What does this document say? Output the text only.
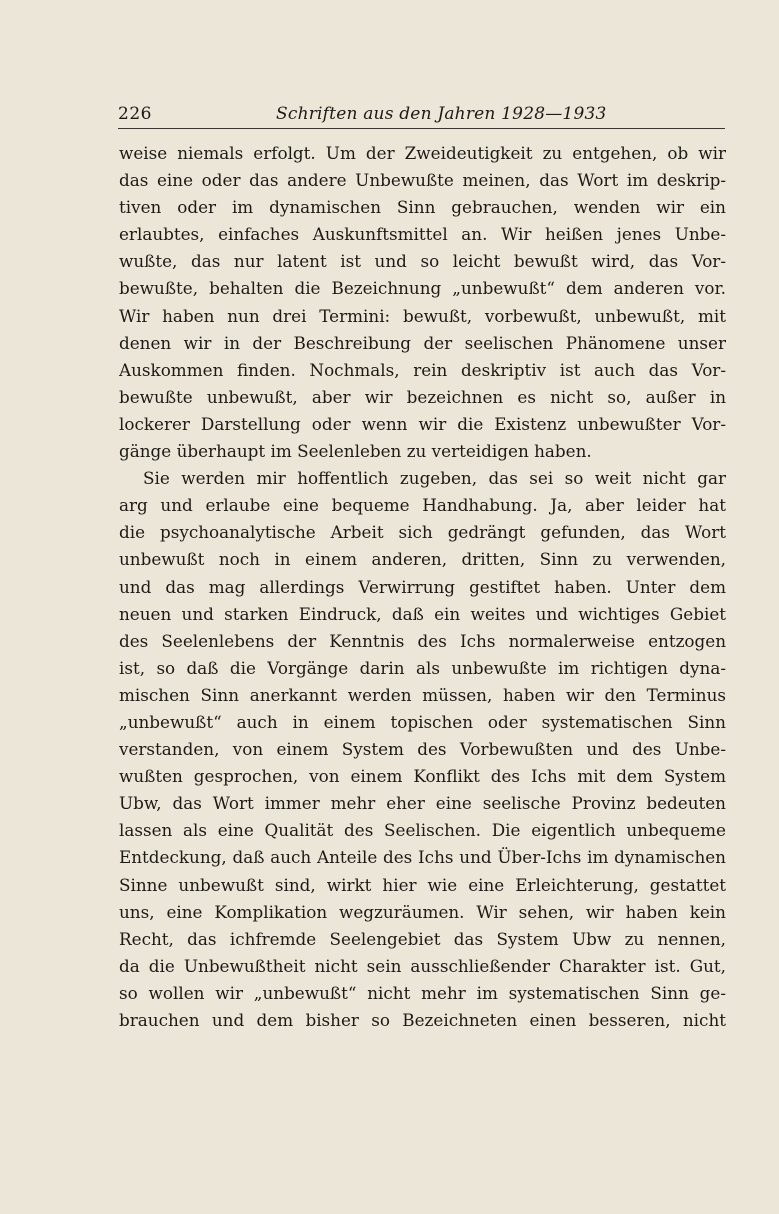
226	Schriften aus den Jahren 1928—1933
weise niemals erfolgt. Um der Zweideutigkeit zu entgehen, ob wir
das eine oder das andere Unbewußte meinen, das Wort im deskrip-
tiven oder im dynamischen Sinn gebrauchen, wenden wir ein
erlaubtes, einfaches Auskunftsmittel an. Wir heißen jenes Unbe-
wußte, das nur latent ist und so leicht bewußt wird, das Vor-
bewußte, behalten die Bezeichnung „unbewußt“ dem anderen vor.
Wir haben nun drei Termini: bewußt, vorbewußt, unbewußt, mit
denen wir in der Beschreibung der seelischen Phänomene unser
Auskommen finden. Nochmals, rein deskriptiv ist auch das Vor-
bewußte unbewußt, aber wir bezeichnen es nicht so, außer in
lockerer Darstellung oder wenn wir die Existenz unbewußter Vor-
gänge überhaupt im Seelenleben zu verteidigen haben.
Sie werden mir hoffentlich zugeben, das sei so weit nicht gar
arg und erlaube eine bequeme Handhabung. Ja, aber leider hat
die psychoanalytische Arbeit sich gedrängt gefunden, das Wort
unbewußt noch in einem anderen, dritten, Sinn zu verwenden,
und das mag allerdings Verwirrung gestiftet haben. Unter dem
neuen und starken Eindruck, daß ein weites und wichtiges Gebiet
des Seelenlebens der Kenntnis des Ichs normalerweise entzogen
ist, so daß die Vorgänge darin als unbewußte im richtigen dyna-
mischen Sinn anerkannt werden müssen, haben wir den Terminus
„unbewußt“ auch in einem topischen oder systematischen Sinn
verstanden, von einem System des Vorbewußten und des Unbe-
wußten gesprochen, von einem Konflikt des Ichs mit dem System
Ubw, das Wort immer mehr eher eine seelische Provinz bedeuten
lassen als eine Qualität des Seelischen. Die eigentlich unbequeme
Entdeckung, daß auch Anteile des Ichs und Über-Ichs im dynamischen
Sinne unbewußt sind, wirkt hier wie eine Erleichterung, gestattet
uns, eine Komplikation wegzuräumen. Wir sehen, wir haben kein
Recht, das ichfremde Seelengebiet das System Ubw zu nennen,
da die Unbewußtheit nicht sein ausschließender Charakter ist. Gut,
so wollen wir „unbewußt“ nicht mehr im systematischen Sinn ge-
brauchen und dem bisher so Bezeichneten einen besseren, nicht
